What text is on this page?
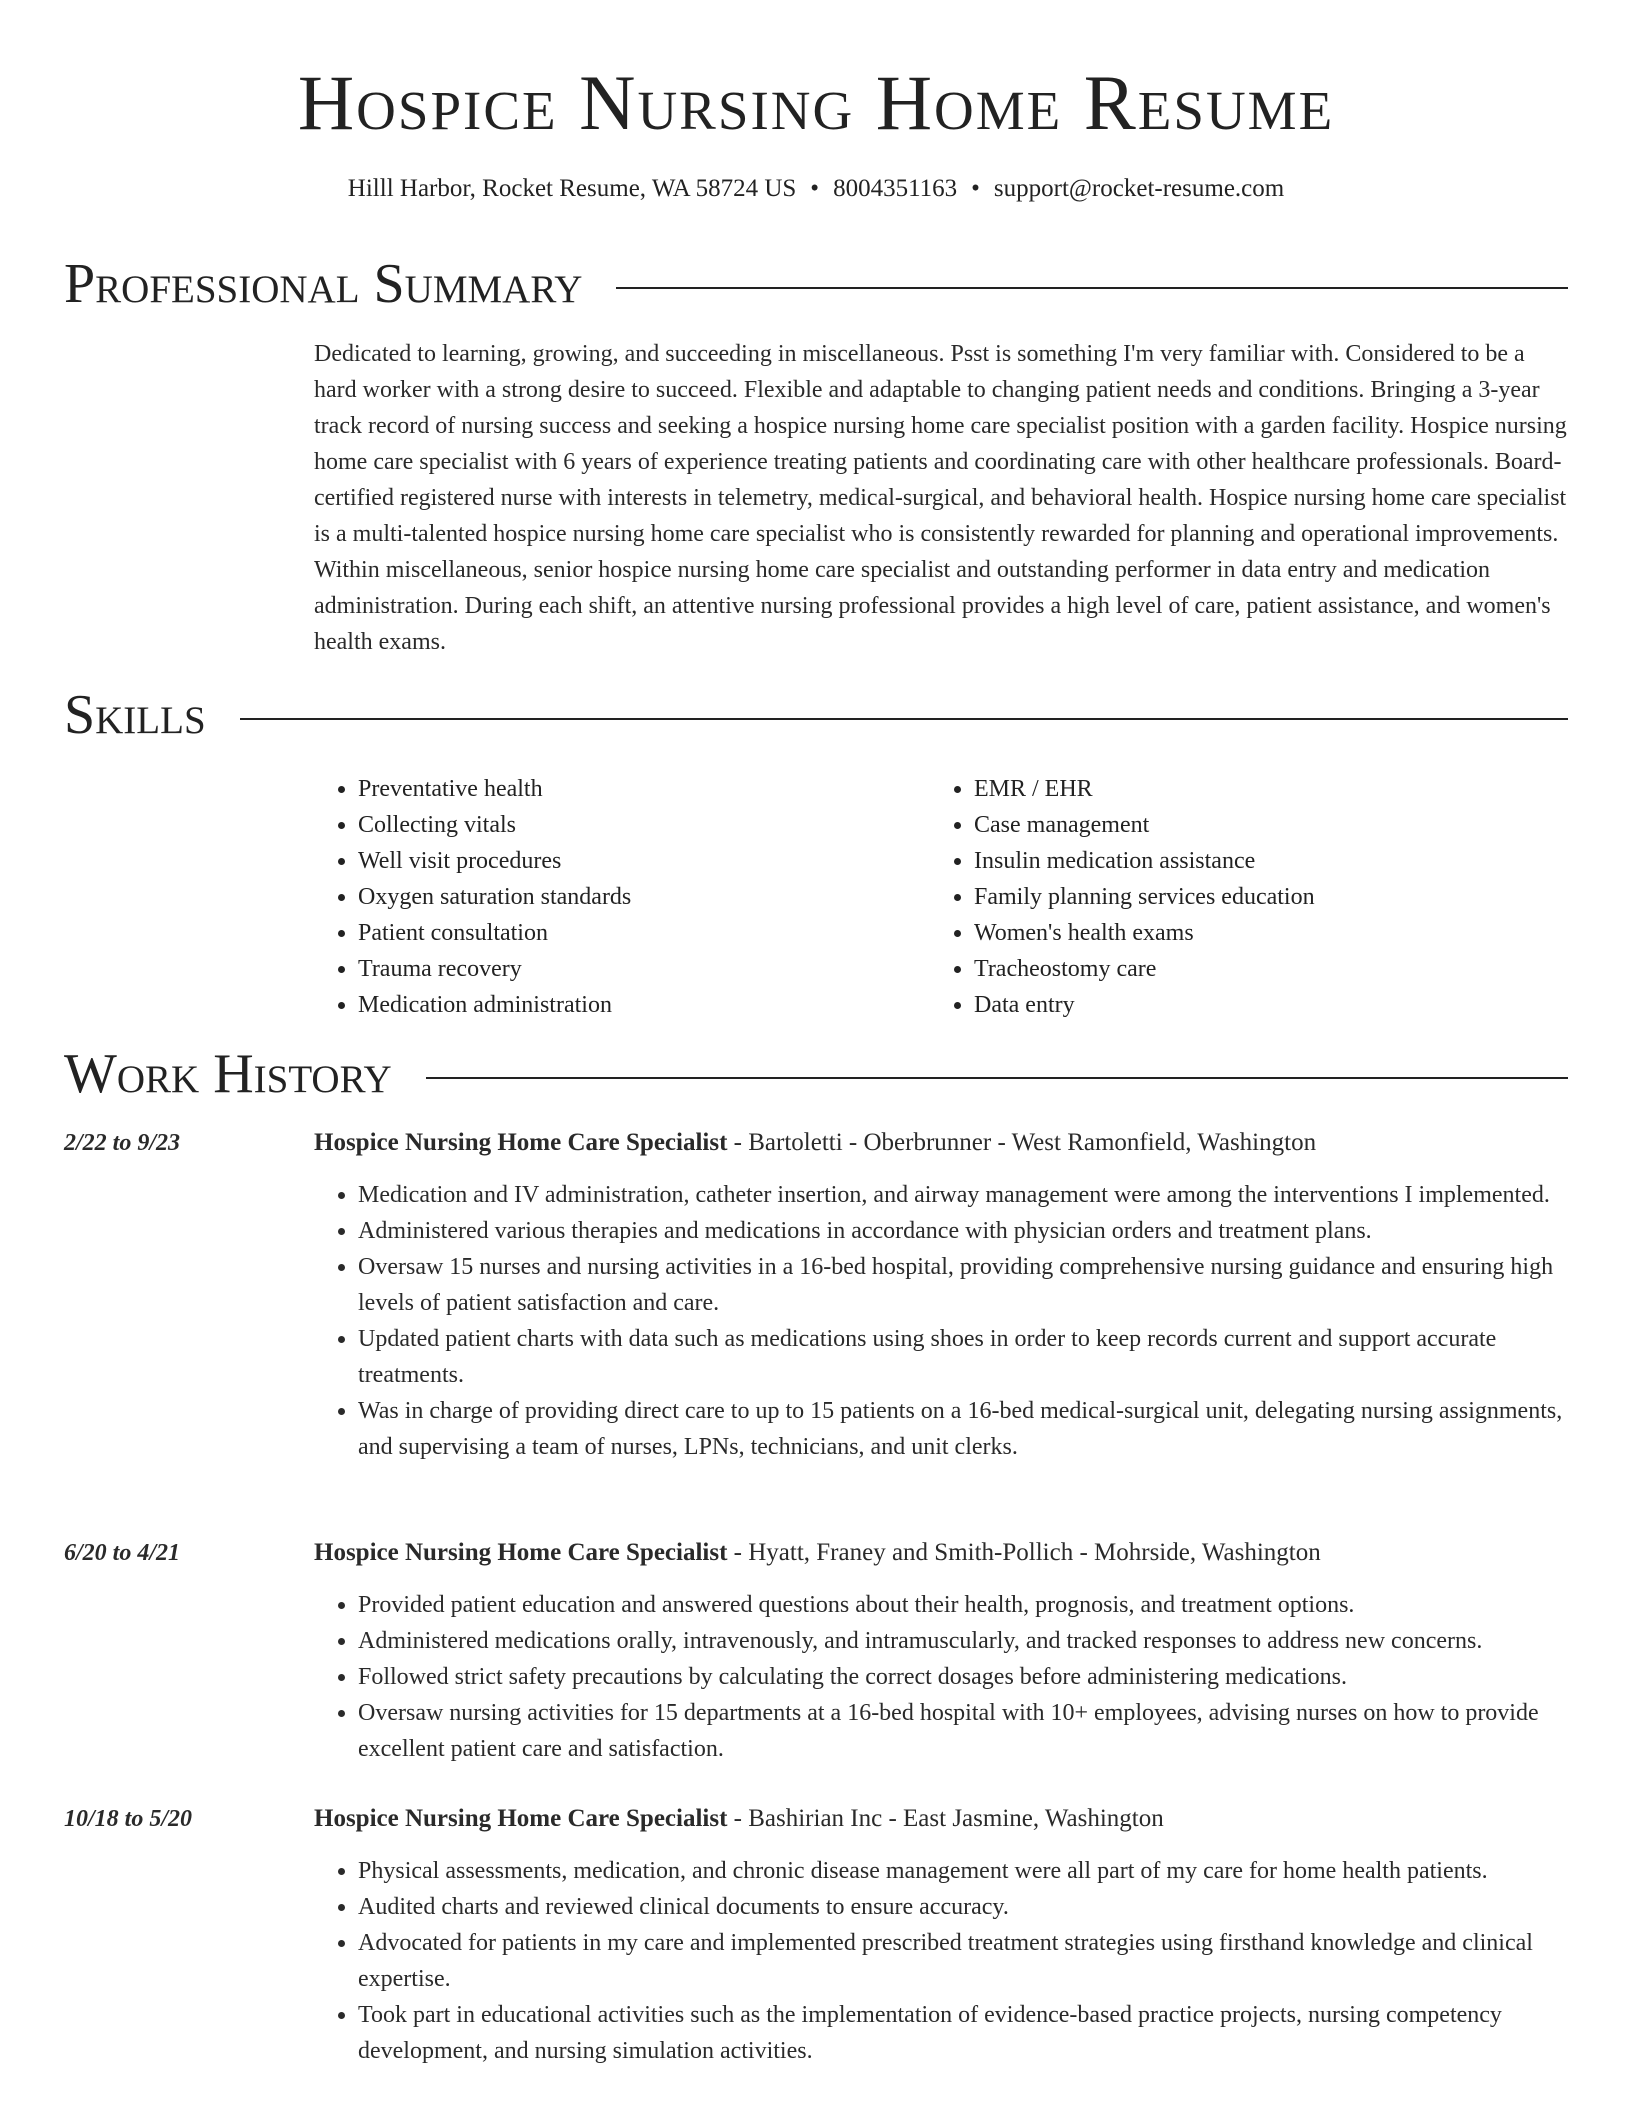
Hospice Nursing Home Resume
Hilll Harbor, Rocket Resume, WA 58724 US • 8004351163 • support@rocket-resume.com
Professional Summary

Dedicated to learning, growing, and succeeding in miscellaneous. Psst is something I'm very familiar with. Considered to be a hard worker with a strong desire to succeed. Flexible and adaptable to changing patient needs and conditions. Bringing a 3-year track record of nursing success and seeking a hospice nursing home care specialist position with a garden facility. Hospice nursing home care specialist with 6 years of experience treating patients and coordinating care with other healthcare professionals. Board-certified registered nurse with interests in telemetry, medical-surgical, and behavioral health. Hospice nursing home care specialist is a multi-talented hospice nursing home care specialist who is consistently rewarded for planning and operational improvements. Within miscellaneous, senior hospice nursing home care specialist and outstanding performer in data entry and medication administration. During each shift, an attentive nursing professional provides a high level of care, patient assistance, and women's health exams.

Skills
• Preventative health
• Collecting vitals
• Well visit procedures
• Oxygen saturation standards
• Patient consultation
• Trauma recovery
• Medication administration
• EMR / EHR
• Case management
• Insulin medication assistance
• Family planning services education
• Women's health exams
• Tracheostomy care
• Data entry
Work History
2/22 to 9/23	Hospice Nursing Home Care Specialist - Bartoletti - Oberbrunner - West Ramonfield, Washington
• Medication and IV administration, catheter insertion, and airway management were among the interventions I implemented.
• Administered various therapies and medications in accordance with physician orders and treatment plans.
• Oversaw 15 nurses and nursing activities in a 16-bed hospital, providing comprehensive nursing guidance and ensuring high levels of patient satisfaction and care.
• Updated patient charts with data such as medications using shoes in order to keep records current and support accurate treatments.
• Was in charge of providing direct care to up to 15 patients on a 16-bed medical-surgical unit, delegating nursing assignments, and supervising a team of nurses, LPNs, technicians, and unit clerks.
6/20 to 4/21	Hospice Nursing Home Care Specialist - Hyatt, Franey and Smith-Pollich - Mohrside, Washington
• Provided patient education and answered questions about their health, prognosis, and treatment options.
• Administered medications orally, intravenously, and intramuscularly, and tracked responses to address new concerns.
• Followed strict safety precautions by calculating the correct dosages before administering medications.
• Oversaw nursing activities for 15 departments at a 16-bed hospital with 10+ employees, advising nurses on how to provide excellent patient care and satisfaction.
10/18 to 5/20	Hospice Nursing Home Care Specialist - Bashirian Inc - East Jasmine, Washington
• Physical assessments, medication, and chronic disease management were all part of my care for home health patients.
• Audited charts and reviewed clinical documents to ensure accuracy.
• Advocated for patients in my care and implemented prescribed treatment strategies using firsthand knowledge and clinical expertise.
• Took part in educational activities such as the implementation of evidence-based practice projects, nursing competency development, and nursing simulation activities.
